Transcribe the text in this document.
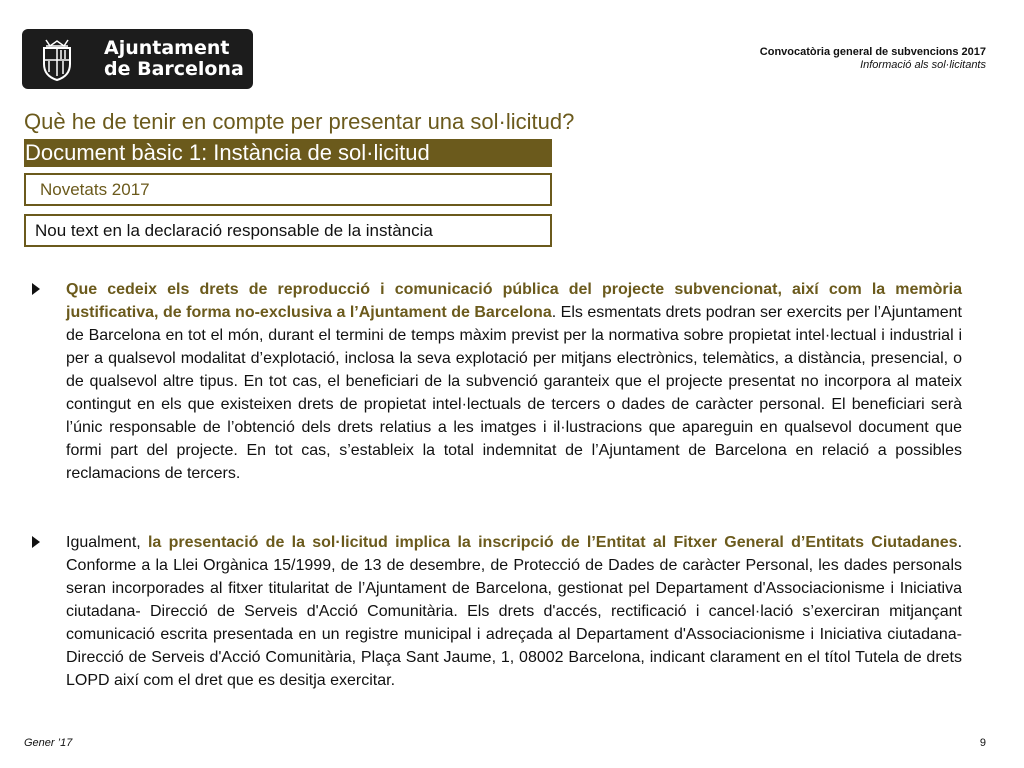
Ajuntament
de Barcelona
Convocatòria general de subvencions 2017
Informació als sol·licitants
Què he de tenir en compte per presentar una sol·licitud?
Document bàsic 1: Instància de sol·licitud
Novetats 2017
Nou text en la declaració responsable de la instància
Que cedeix els drets de reproducció i comunicació pública del projecte subvencionat, així com la memòria justificativa, de forma no-exclusiva a l’Ajuntament de Barcelona. Els esmentats drets podran ser exercits per l’Ajuntament de Barcelona en tot el món, durant el termini de temps màxim previst per la normativa sobre propietat intel·lectual i industrial i per a qualsevol modalitat d’explotació, inclosa la seva explotació per mitjans electrònics, telemàtics, a distància, presencial, o de qualsevol altre tipus. En tot cas, el beneficiari de la subvenció garanteix que el projecte presentat no incorpora al mateix contingut en els que existeixen drets de propietat intel·lectuals de tercers o dades de caràcter personal. El beneficiari serà l’únic responsable de l’obtenció dels drets relatius a les imatges i il·lustracions que apareguin en qualsevol document que formi part del projecte. En tot cas, s’estableix la total indemnitat de l’Ajuntament de Barcelona en relació a possibles reclamacions de tercers.
Igualment, la presentació de la sol·licitud implica la inscripció de l’Entitat al Fitxer General d’Entitats Ciutadanes. Conforme a la Llei Orgànica 15/1999, de 13 de desembre, de Protecció de Dades de caràcter Personal, les dades personals seran incorporades al fitxer titularitat de l’Ajuntament de Barcelona, gestionat pel Departament d'Associacionisme i Iniciativa ciutadana- Direcció de Serveis d'Acció Comunitària. Els drets d'accés, rectificació i cancel·lació s’exerciran mitjançant comunicació escrita presentada en un registre municipal i adreçada al Departament d'Associacionisme i Iniciativa ciutadana- Direcció de Serveis d'Acció Comunitària, Plaça Sant Jaume, 1, 08002 Barcelona, indicant clarament en el títol Tutela de drets LOPD així com el dret que es desitja exercitar.
Gener ’17	9
